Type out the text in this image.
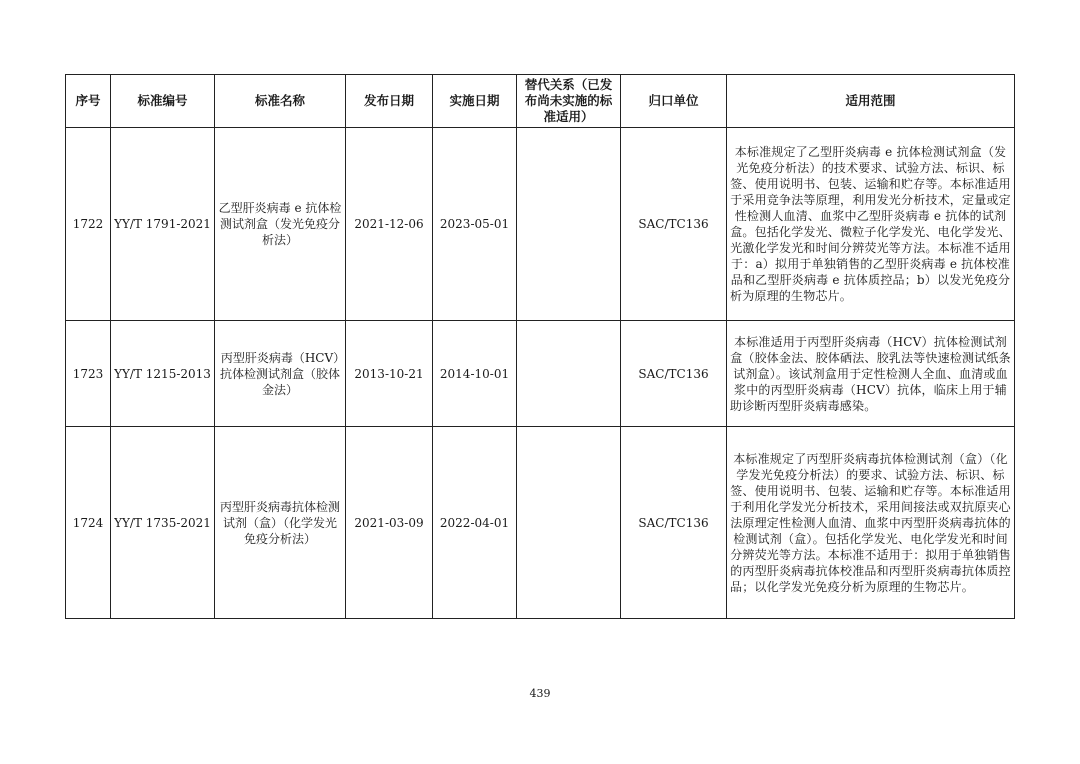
序号	标准编号	标准名称	发布日期	实施日期	替代关系（已发布尚未实施的标准适用）	归口单位	适用范围
1722	YY/T 1791-2021	乙型肝炎病毒 e 抗体检测试剂盒（发光免疫分析法）	2021-12-06	2023-05-01		SAC/TC136	本标准规定了乙型肝炎病毒 e 抗体检测试剂盒（发光免疫分析法）的技术要求、试验方法、标识、标签、使用说明书、包装、运输和贮存等。本标准适用于采用竞争法等原理，利用发光分析技术，定量或定性检测人血清、血浆中乙型肝炎病毒 e 抗体的试剂盒。包括化学发光、微粒子化学发光、电化学发光、光激化学发光和时间分辨荧光等方法。本标准不适用于：a）拟用于单独销售的乙型肝炎病毒 e 抗体校准品和乙型肝炎病毒 e 抗体质控品；b）以发光免疫分析为原理的生物芯片。
1723	YY/T 1215-2013	丙型肝炎病毒（HCV）抗体检测试剂盒（胶体金法）	2013-10-21	2014-10-01		SAC/TC136	本标准适用于丙型肝炎病毒（HCV）抗体检测试剂盒（胶体金法、胶体硒法、胶乳法等快速检测试纸条试剂盒）。该试剂盒用于定性检测人全血、血清或血浆中的丙型肝炎病毒（HCV）抗体，临床上用于辅助诊断丙型肝炎病毒感染。
1724	YY/T 1735-2021	丙型肝炎病毒抗体检测试剂（盒）（化学发光免疫分析法）	2021-03-09	2022-04-01		SAC/TC136	本标准规定了丙型肝炎病毒抗体检测试剂（盒）（化学发光免疫分析法）的要求、试验方法、标识、标签、使用说明书、包装、运输和贮存等。本标准适用于利用化学发光分析技术，采用间接法或双抗原夹心法原理定性检测人血清、血浆中丙型肝炎病毒抗体的检测试剂（盒）。包括化学发光、电化学发光和时间分辨荧光等方法。本标准不适用于：拟用于单独销售的丙型肝炎病毒抗体校准品和丙型肝炎病毒抗体质控品；以化学发光免疫分析为原理的生物芯片。
439
